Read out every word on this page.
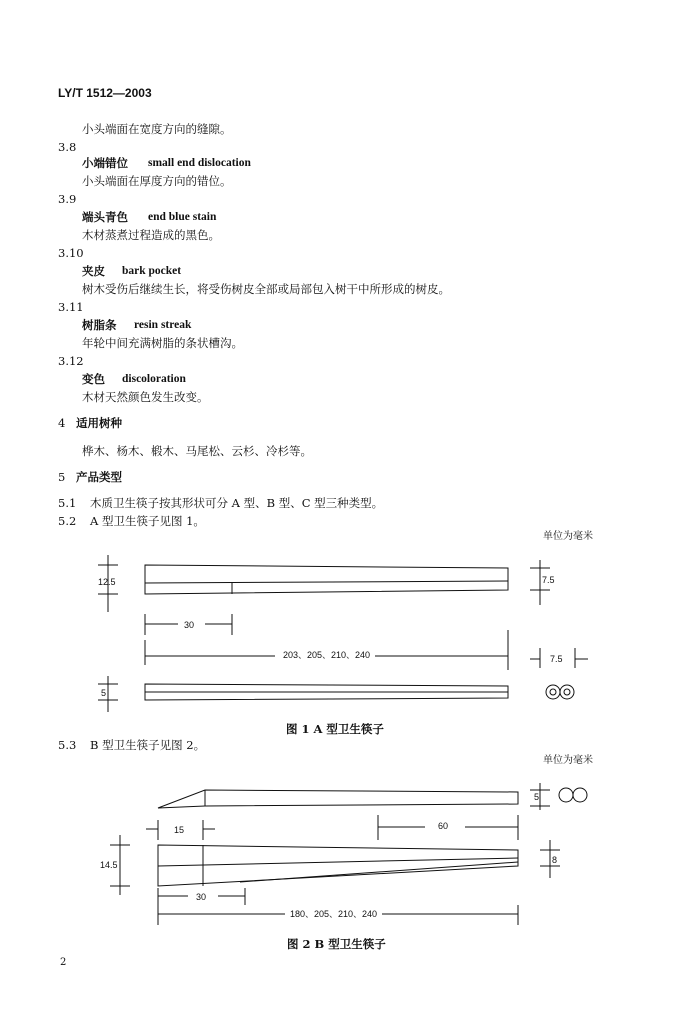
LY/T 1512—2003
小头端面在宽度方向的缝隙。
3.8
小端错位 small end dislocation
小头端面在厚度方向的错位。
3.9
端头青色 end blue stain
木材蒸煮过程造成的黑色。
3.10
夹皮 bark pocket
树木受伤后继续生长，将受伤树皮全部或局部包入树干中所形成的树皮。
3.11
树脂条 resin streak
年轮中间充满树脂的条状槽沟。
3.12
变色 discoloration
木材天然颜色发生改变。
4 适用树种
桦木、杨木、椴木、马尾松、云杉、冷杉等。
5 产品类型
5.1 木质卫生筷子按其形状可分 A 型、B 型、C 型三种类型。
5.2 A 型卫生筷子见图 1。
单位为毫米
12.5	7.5
30
203、205、210、240	7.5
5
图 1 A 型卫生筷子
5.3 B 型卫生筷子见图 2。
单位为毫米
5
15	60
14.5	8
30
180、205、210、240
图 2 B 型卫生筷子
2
